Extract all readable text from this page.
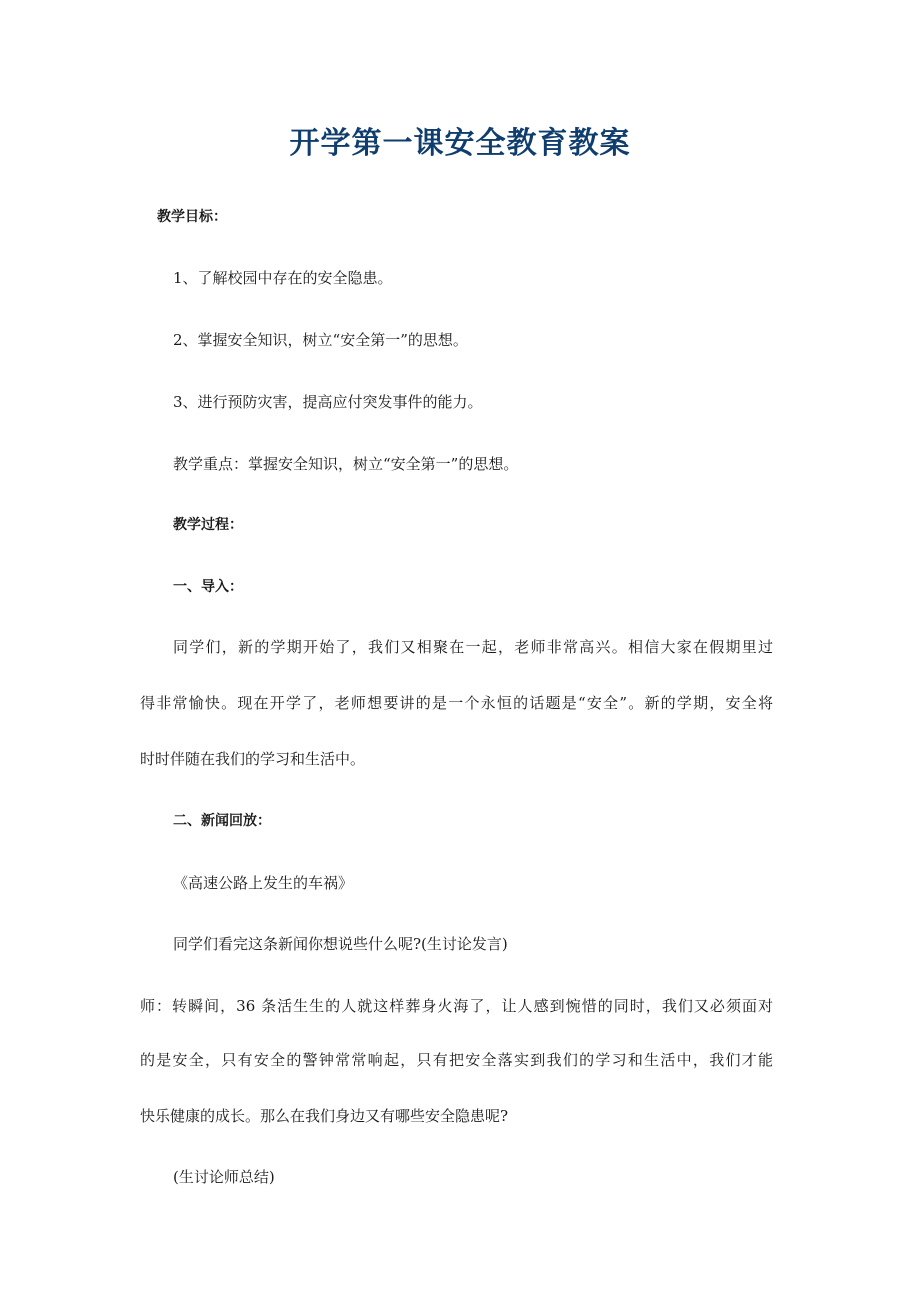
开学第一课安全教育教案
教学目标：
1、了解校园中存在的安全隐患。
2、掌握安全知识，树立“安全第一”的思想。
3、进行预防灾害，提高应付突发事件的能力。
教学重点：掌握安全知识，树立“安全第一”的思想。
教学过程：
一、导入：
同学们，新的学期开始了，我们又相聚在一起，老师非常高兴。相信大家在假期里过
得非常愉快。现在开学了，老师想要讲的是一个永恒的话题是“安全”。新的学期，安全将
时时伴随在我们的学习和生活中。
二、新闻回放：
《高速公路上发生的车祸》
同学们看完这条新闻你想说些什么呢?(生讨论发言)
师：转瞬间，36 条活生生的人就这样葬身火海了，让人感到惋惜的同时，我们又必须面对
的是安全，只有安全的警钟常常响起，只有把安全落实到我们的学习和生活中，我们才能
快乐健康的成长。那么在我们身边又有哪些安全隐患呢?
(生讨论师总结)
